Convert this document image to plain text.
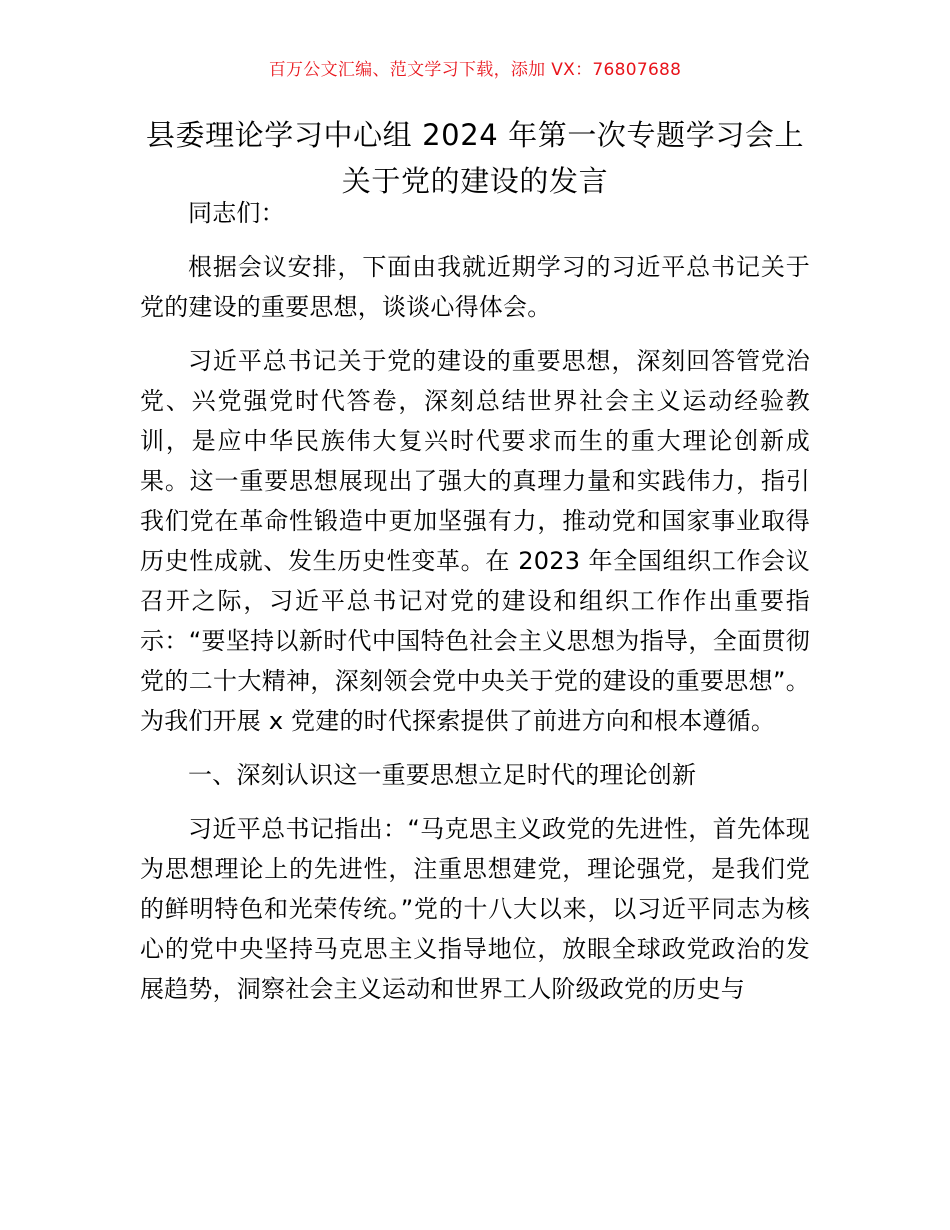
百万公文汇编、范文学习下载，添加 VX：76807688
县委理论学习中心组 2024 年第一次专题学习会上关于党的建设的发言

同志们：

根据会议安排，下面由我就近期学习的习近平总书记关于党的建设的重要思想，谈谈心得体会。

习近平总书记关于党的建设的重要思想，深刻回答管党治党、兴党强党时代答卷，深刻总结世界社会主义运动经验教训，是应中华民族伟大复兴时代要求而生的重大理论创新成果。这一重要思想展现出了强大的真理力量和实践伟力，指引我们党在革命性锻造中更加坚强有力，推动党和国家事业取得历史性成就、发生历史性变革。在 2023 年全国组织工作会议召开之际，习近平总书记对党的建设和组织工作作出重要指示：“要坚持以新时代中国特色社会主义思想为指导，全面贯彻党的二十大精神，深刻领会党中央关于党的建设的重要思想”。为我们开展 x 党建的时代探索提供了前进方向和根本遵循。

一、深刻认识这一重要思想立足时代的理论创新

习近平总书记指出：“马克思主义政党的先进性，首先体现为思想理论上的先进性，注重思想建党，理论强党，是我们党的鲜明特色和光荣传统。”党的十八大以来，以习近平同志为核心的党中央坚持马克思主义指导地位，放眼全球政党政治的发展趋势，洞察社会主义运动和世界工人阶级政党的历史与
